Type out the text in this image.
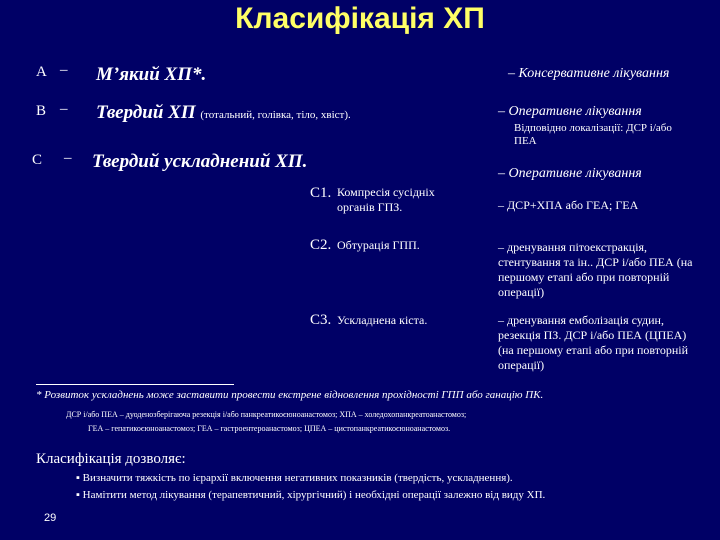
Класифікація ХП
А – М’який ХП*.	– Консервативне лікування
В – Твердий ХП (тотальний, голівка, тіло, хвіст).	– Оперативне лікування
Відповідно локалізації: ДСР і/або ПЕА
С – Твердий ускладнений ХП.
– Оперативне лікування
С1. Компресія сусідніх органів ГПЗ.	– ДСР+ХПА або ГЕА; ГЕА
С2. Обтурація ГПП.	– дренування пітоекстракція, стентування та ін.. ДСР і/або ПЕА (на першому етапі або при повторній операції)
С3. Ускладнена кіста.	– дренування емболізація судин, резекція ПЗ. ДСР і/або ПЕА (ЦПЕА) (на першому етапі або при повторній операції)
* Розвиток ускладнень може заставити провести екстрене відновлення прохідності ГПП або ганацію ПК.
ДСР і/або ПЕА – дуоденозберігаюча резекція і/або панкреатикоєюноанастомоз; ХПА – холедохопанкреатоанастомоз;
ГЕА – гепатикоєюноанастомоз; ГЕА – гастроентероанастомоз; ЦПЕА – цистопанкреатикоєюноанастомоз.
Класифікація дозволяє:
▪ Визначити тяжкість по ієрархії включення негативних показників (твердість, ускладнення).
▪ Намітити метод лікування (терапевтичний, хірургічний) і необхідні операції залежно від виду ХП.
29
